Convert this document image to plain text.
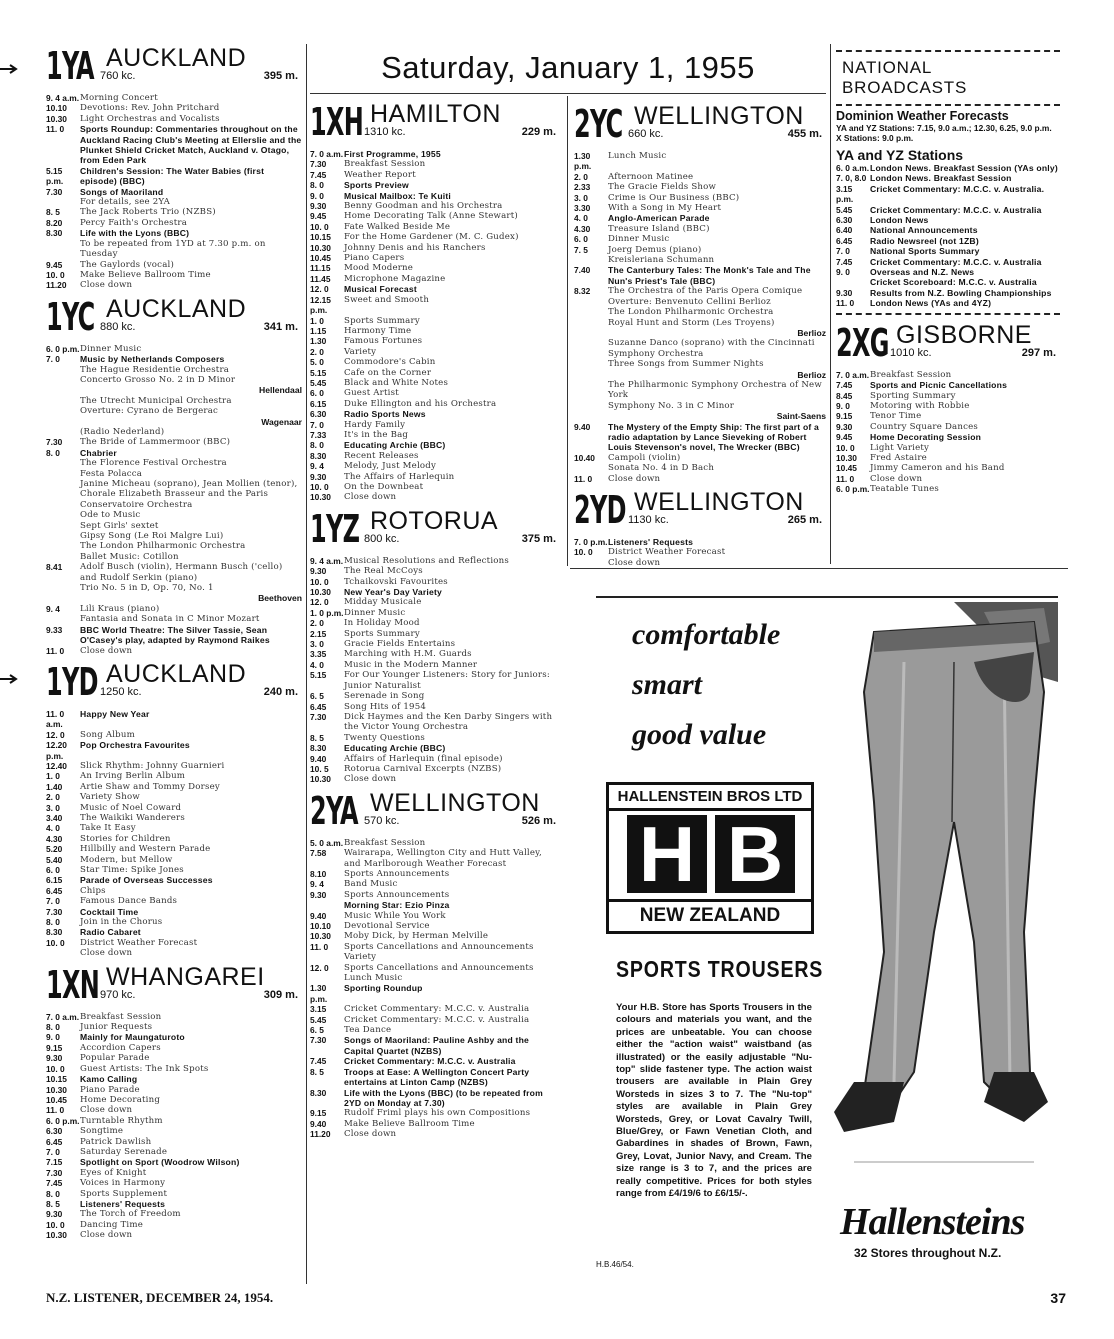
Saturday, January 1, 1955
1YA AUCKLAND
760 kc.	395 m.
9. 4 a.m. Morning Concert
10.10	Devotions: Rev. John Pritchard
10.30	Light Orchestras and Vocalists
11. 0	Sports Roundup: Commentaries throughout on the Auckland Racing Club's Meeting at Ellerslie and the Plunket Shield Cricket Match, Auckland v. Otago, from Eden Park
5.15 p.m.
Children's Session: The Water Babies (first episode) (BBC)
7.30	Songs of Maoriland
For details, see 2YA
8. 5	The Jack Roberts Trio (NZBS)
8.20	Percy Faith's Orchestra
8.30	Life with the Lyons (BBC)
To be repeated from 1YD at 7.30 p.m. on Tuesday
9.45	The Gaylords (vocal)
10. 0	Make Believe Ballroom Time
11.20	Close down
1YC AUCKLAND
880 kc.	341 m.
6. 0 p.m. Dinner Music
7. 0	Music by Netherlands Composers
The Hague Residentie Orchestra
Concerto Grosso No. 2 in D Minor
Hellendaal
The Utrecht Municipal Orchestra
Overture: Cyrano de Bergerac
Wagenaar
(Radio Nederland)
7.30	The Bride of Lammermoor (BBC)
8. 0	Chabrier
The Florence Festival Orchestra
Festa Polacca
Janine Micheau (soprano), Jean Mollien (tenor), Chorale Elizabeth Brasseur and the Paris Conservatoire Orchestra
Ode to Music
Sept Girls' sextet
Gipsy Song (Le Roi Malgre Lui)
The London Philharmonic Orchestra
Ballet Music: Cotillon
8.41	Adolf Busch (violin), Hermann Busch ('cello) and Rudolf Serkin (piano)
Trio No. 5 in D, Op. 70, No. 1
Beethoven
9. 4	Lili Kraus (piano)
Fantasia and Sonata in C Minor Mozart
9.33	BBC World Theatre: The Silver Tassie, Sean O'Casey's play, adapted by Raymond Raikes
11. 0	Close down
1YD AUCKLAND
1250 kc.	240 m.
11. 0 a.m.
Happy New Year
12. 0	Song Album
12.20 p.m.
Pop Orchestra Favourites
12.40	Slick Rhythm: Johnny Guarnieri
1. 0	An Irving Berlin Album
1.40	Artie Shaw and Tommy Dorsey
2. 0	Variety Show
3. 0	Music of Noel Coward
3.40	The Waikiki Wanderers
4. 0	Take It Easy
4.30	Stories for Children
5.20	Hillbilly and Western Parade
5.40	Modern, but Mellow
6. 0	Star Time: Spike Jones
6.15	Parade of Overseas Successes
6.45	Chips
7. 0	Famous Dance Bands
7.30	Cocktail Time
8. 0	Join in the Chorus
8.30	Radio Cabaret
10. 0	District Weather Forecast
Close down
1XN WHANGAREI
970 kc.	309 m.
7. 0 a.m. Breakfast Session
8. 0	Junior Requests
9. 0	Mainly for Maungaturoto
9.15	Accordion Capers
9.30	Popular Parade
10. 0	Guest Artists: The Ink Spots
10.15	Kamo Calling
10.30	Piano Parade
10.45	Home Decorating
11. 0	Close down
6. 0 p.m. Turntable Rhythm
6.30	Songtime
6.45	Patrick Dawlish
7. 0	Saturday Serenade
7.15	Spotlight on Sport (Woodrow Wilson)
7.30	Eyes of Knight
7.45	Voices in Harmony
8. 0	Sports Supplement
8. 5	Listeners' Requests
9.30	The Torch of Freedom
10. 0	Dancing Time
10.30	Close down
1XH HAMILTON
1310 kc.	229 m.
7. 0 a.m. First Programme, 1955
7.30	Breakfast Session
7.45	Weather Report
8. 0	Sports Preview
9. 0	Musical Mailbox: Te Kuiti
9.30	Benny Goodman and his Orchestra
9.45	Home Decorating Talk (Anne Stewart)
10. 0	Fate Walked Beside Me
10.15	For the Home Gardener (M. C. Gudex)
10.30	Johnny Denis and his Ranchers
10.45	Piano Capers
11.15	Mood Moderne
11.45	Microphone Magazine
12. 0	Musical Forecast
12.15 p.m.
Sweet and Smooth
1. 0	Sports Summary
1.15	Harmony Time
1.30	Famous Fortunes
2. 0	Variety
5. 0	Commodore's Cabin
5.15	Cafe on the Corner
5.45	Black and White Notes
6. 0	Guest Artist
6.15	Duke Ellington and his Orchestra
6.30	Radio Sports News
7. 0	Hardy Family
7.33	It's in the Bag
8. 0	Educating Archie (BBC)
8.30	Recent Releases
9. 4	Melody, Just Melody
9.30	The Affairs of Harlequin
10. 0	On the Downbeat
10.30	Close down
1YZ ROTORUA
800 kc.	375 m.
9. 4 a.m. Musical Resolutions and Reflections
9.30	The Real McCoys
10. 0	Tchaikovski Favourites
10.30	New Year's Day Variety
12. 0	Midday Musicale
1. 0 p.m. Dinner Music
2. 0	In Holiday Mood
2.15	Sports Summary
3. 0	Gracie Fields Entertains
3.35	Marching with H.M. Guards
4. 0	Music in the Modern Manner
5.15	For Our Younger Listeners: Story for Juniors: Junior Naturalist
6. 5	Serenade in Song
6.45	Song Hits of 1954
7.30	Dick Haymes and the Ken Darby Singers with the Victor Young Orchestra
8. 5	Twenty Questions
8.30	Educating Archie (BBC)
9.40	Affairs of Harlequin (final episode)
10. 5	Rotorua Carnival Excerpts (NZBS)
10.30	Close down
2YA WELLINGTON
570 kc.	526 m.
5. 0 a.m. Breakfast Session
7.58	Wairarapa, Wellington City and Hutt Valley, and Marlborough Weather Forecast
8.10	Sports Announcements
9. 4	Band Music
9.30	Sports Announcements
Morning Star: Ezio Pinza
9.40	Music While You Work
10.10	Devotional Service
10.30	Moby Dick, by Herman Melville
11. 0	Sports Cancellations and Announcements
Variety
12. 0	Sports Cancellations and Announcements
Lunch Music
1.30 p.m.
Sporting Roundup
3.15	Cricket Commentary: M.C.C. v. Australia
5.45	Cricket Commentary: M.C.C. v. Australia
6. 5	Tea Dance
7.30	Songs of Maoriland: Pauline Ashby and the Capital Quartet (NZBS)
7.45	Cricket Commentary: M.C.C. v. Australia
8. 5	Troops at Ease: A Wellington Concert Party entertains at Linton Camp (NZBS)
8.30	Life with the Lyons (BBC) (to be repeated from 2YD on Monday at 7.30)
9.15	Rudolf Friml plays his own Compositions
9.40	Make Believe Ballroom Time
11.20	Close down
2YC WELLINGTON
660 kc.	455 m.
1.30 p.m.
Lunch Music
2. 0	Afternoon Matinee
2.33	The Gracie Fields Show
3. 0	Crime is Our Business (BBC)
3.30	With a Song in My Heart
4. 0	Anglo-American Parade
4.30	Treasure Island (BBC)
6. 0	Dinner Music
7. 5	Joerg Demus (piano)
Kreisleriana Schumann
7.40	The Canterbury Tales: The Monk's Tale and The Nun's Priest's Tale (BBC)
8.32	The Orchestra of the Paris Opera Comique
Overture: Benvenuto Cellini Berlioz
The London Philharmonic Orchestra
Royal Hunt and Storm (Les Troyens)
Berlioz
Suzanne Danco (soprano) with the Cincinnati Symphony Orchestra
Three Songs from Summer Nights
Berlioz
The Philharmonic Symphony Orchestra of New York
Symphony No. 3 in C Minor
Saint-Saens
9.40	The Mystery of the Empty Ship: The first part of a radio adaptation by Lance Sieveking of Robert Louis Stevenson's novel, The Wrecker (BBC)
10.40	Campoli (violin)
Sonata No. 4 in D Bach
11. 0	Close down
2YD WELLINGTON
1130 kc.	265 m.
7. 0 p.m. Listeners' Requests
10. 0	District Weather Forecast
Close down
NATIONAL BROADCASTS
Dominion Weather Forecasts
YA and YZ Stations: 7.15, 9.0 a.m.; 12.30, 6.25, 9.0 p.m.
X Stations: 9.0 p.m.
YA and YZ Stations
6. 0 a.m. London News. Breakfast Session (YAs only)
7. 0, 8.0 London News. Breakfast Session
3.15 p.m.
Cricket Commentary: M.C.C. v. Australia.
5.45	Cricket Commentary: M.C.C. v. Australia
6.30	London News
6.40	National Announcements
6.45	Radio Newsreel (not 1ZB)
7. 0	National Sports Summary
7.45	Cricket Commentary: M.C.C. v. Australia
9. 0	Overseas and N.Z. News
Cricket Scoreboard: M.C.C. v. Australia
9.30	Results from N.Z. Bowling Championships
11. 0	London News (YAs and 4YZ)
2XG GISBORNE
1010 kc.	297 m.
7. 0 a.m. Breakfast Session
7.45	Sports and Picnic Cancellations
8.45	Sporting Summary
9. 0	Motoring with Robbie
9.15	Tenor Time
9.30	Country Square Dances
9.45	Home Decorating Session
10. 0	Light Variety
10.30	Fred Astaire
10.45	Jimmy Cameron and his Band
11. 0	Close down
6. 0 p.m. Teatable Tunes
comfortable
smart
good value
HALLENSTEIN BROS LTD
H B
NEW ZEALAND
SPORTS TROUSERS
Your H.B. Store has Sports Trousers in the colours and materials you want, and the prices are unbeatable. You can choose either the "action waist" waistband (as illustrated) or the easily adjustable "Nu-top" slide fastener type. The action waist trousers are available in Plain Grey Worsteds in sizes 3 to 7. The "Nu-top" styles are available in Plain Grey Worsteds, Grey, or Lovat Cavalry Twill, Blue/Grey, or Fawn Venetian Cloth, and Gabardines in shades of Brown, Fawn, Grey, Lovat, Junior Navy, and Cream. The size range is 3 to 7, and the prices are really competitive. Prices for both styles range from £4/19/6 to £6/15/-.
Hallensteins
32 Stores throughout N.Z.
H.B.46/54.
N.Z. LISTENER, DECEMBER 24, 1954.	37
